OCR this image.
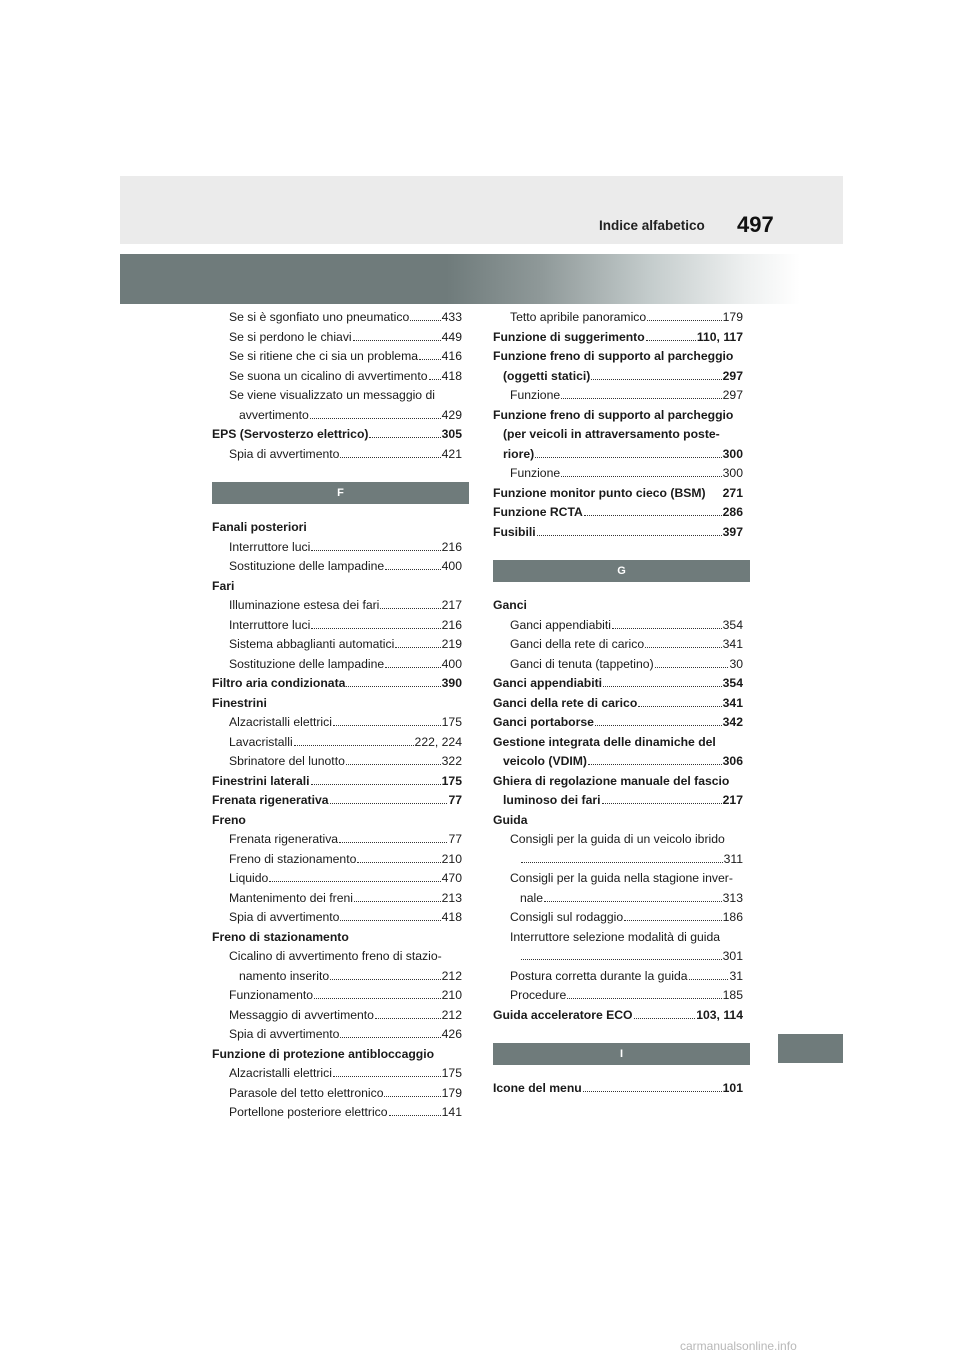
Indice alfabetico 497
Se si è sgonfiato uno pneumatico	433
Se si perdono le chiavi	449
Se si ritiene che ci sia un problema 416
Se suona un cicalino di avvertimento 418
Se viene visualizzato un messaggio di
avvertimento	429
EPS (Servosterzo elettrico)	305
Spia di avvertimento	421
F
Fanali posteriori
Interruttore luci	216
Sostituzione delle lampadine	400
Fari
Illuminazione estesa dei fari	217
Interruttore luci	216
Sistema abbaglianti automatici	219
Sostituzione delle lampadine	400
Filtro aria condizionata	390
Finestrini
Alzacristalli elettrici	175
Lavacristalli	222, 224
Sbrinatore del lunotto	322
Finestrini laterali	175
Frenata rigenerativa	77
Freno
Frenata rigenerativa	77
Freno di stazionamento	210
Liquido	470
Mantenimento dei freni	213
Spia di avvertimento	418
Freno di stazionamento
Cicalino di avvertimento freno di stazio-
namento inserito	212
Funzionamento	210
Messaggio di avvertimento	212
Spia di avvertimento	426
Funzione di protezione antibloccaggio
Alzacristalli elettrici	175
Parasole del tetto elettronico	179
Portellone posteriore elettrico	141
Tetto apribile panoramico	179
Funzione di suggerimento	110, 117
Funzione freno di supporto al parcheggio
(oggetti statici)	297
Funzione	297
Funzione freno di supporto al parcheggio
(per veicoli in attraversamento poste-
riore)	300
Funzione	300
Funzione monitor punto cieco (BSM) 271
Funzione RCTA	286
Fusibili	397
G
Ganci
Ganci appendiabiti	354
Ganci della rete di carico	341
Ganci di tenuta (tappetino)	30
Ganci appendiabiti	354
Ganci della rete di carico	341
Ganci portaborse	342
Gestione integrata delle dinamiche del
veicolo (VDIM)	306
Ghiera di regolazione manuale del fascio
luminoso dei fari	217
Guida
Consigli per la guida di un veicolo ibrido
311
Consigli per la guida nella stagione inver-
nale	313
Consigli sul rodaggio	186
Interruttore selezione modalità di guida
301
Postura corretta durante la guida	31
Procedure	185
Guida acceleratore ECO	103, 114
I
Icone del menu	101
carmanualsonline.info
